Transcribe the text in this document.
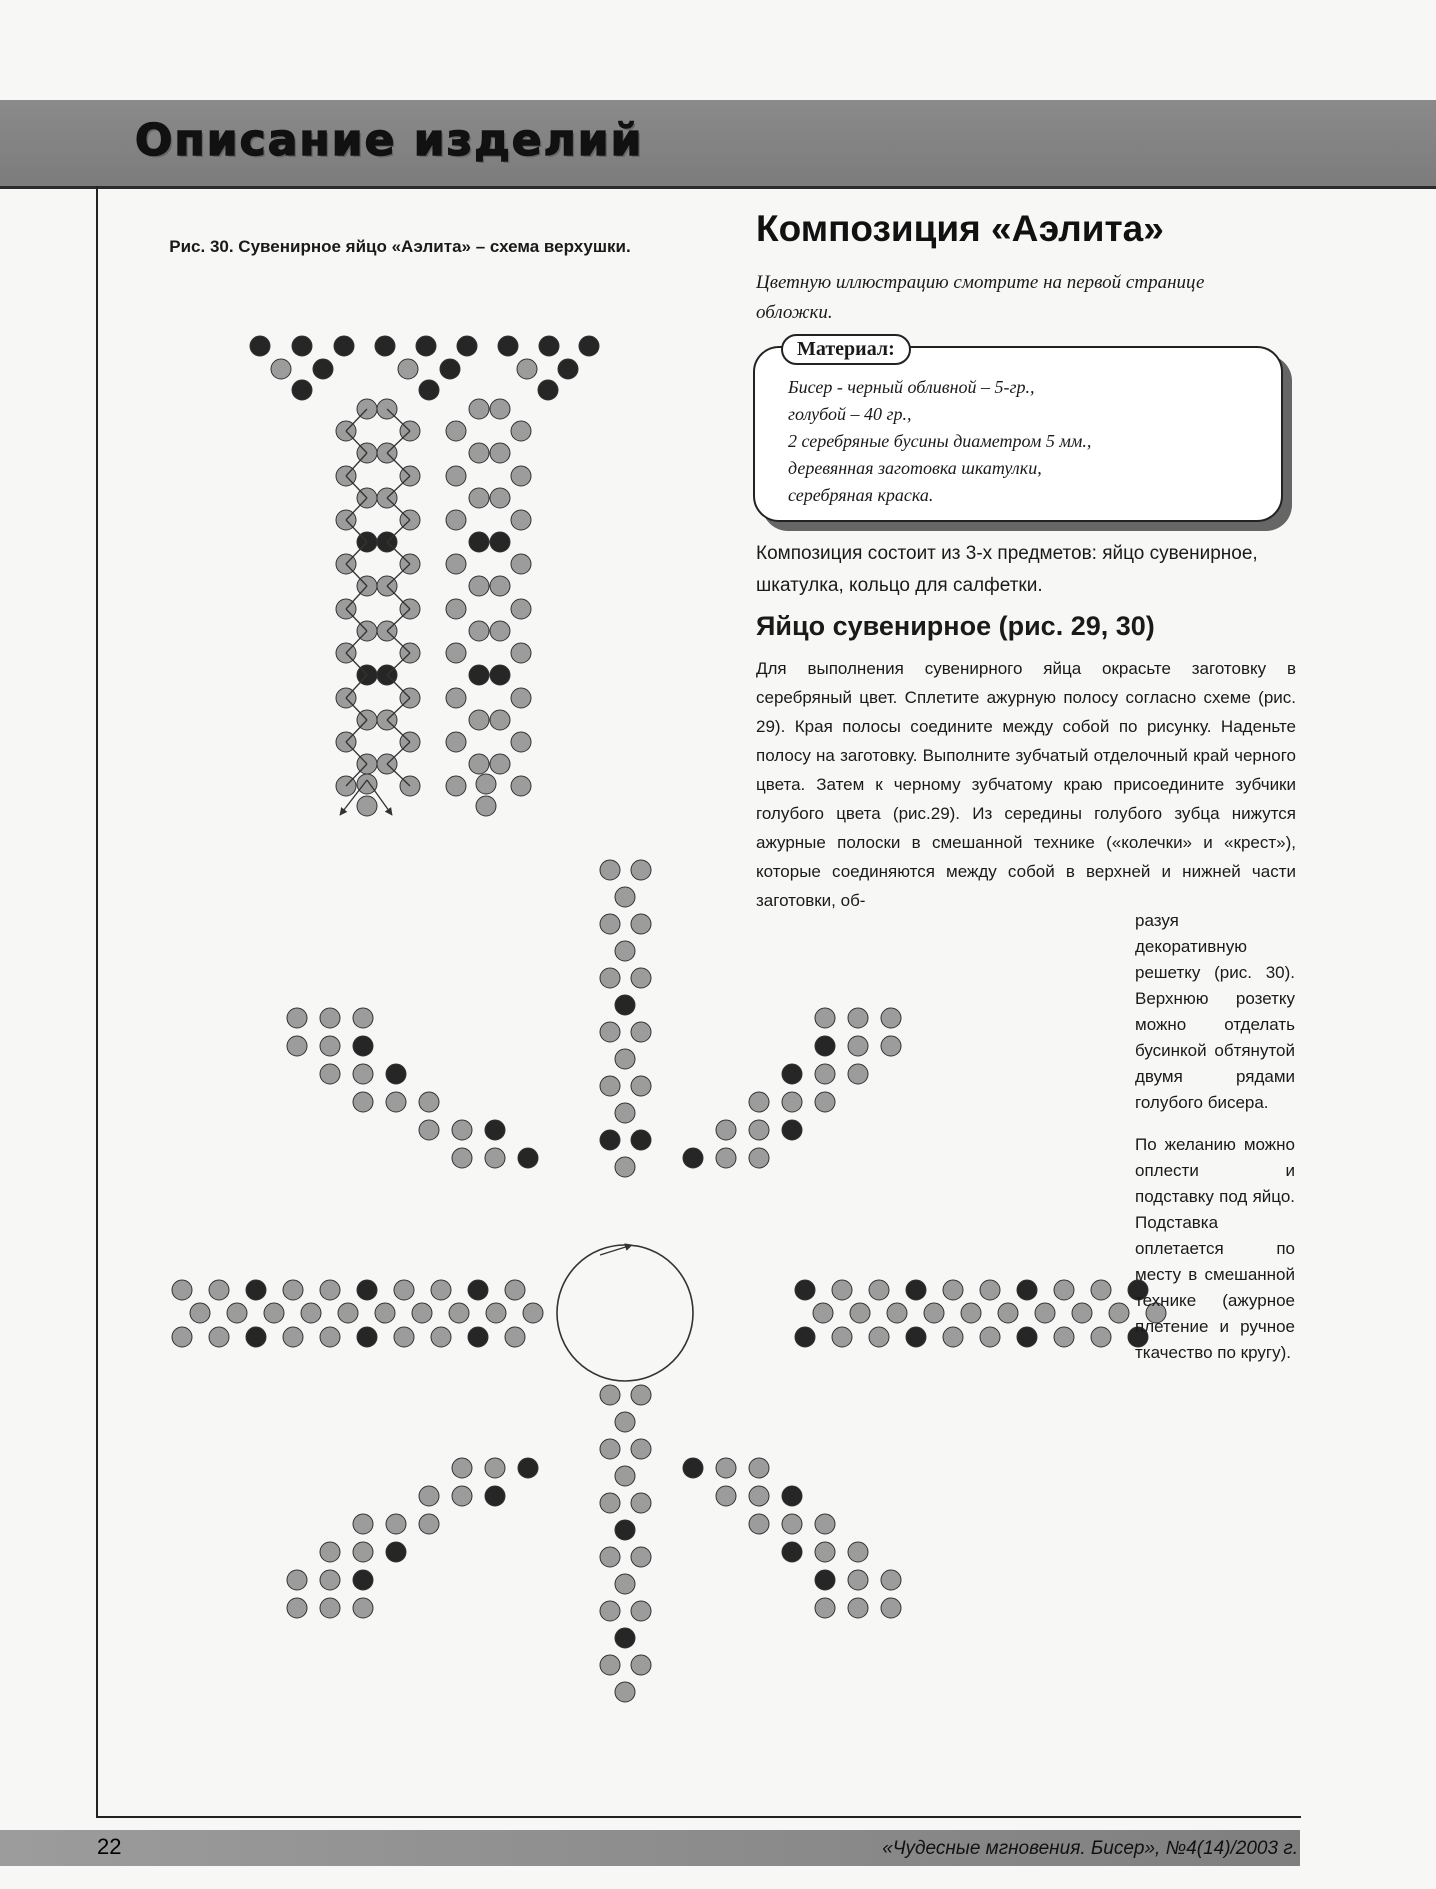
Описание изделий
Рис. 30. Сувенирное яйцо «Аэлита» – схема верхушки.	Композиция «Аэлита»
Цветную иллюстрацию смотрите на первой странице обложки.
Материал:
Бисер - черный обливной – 5-гр.,
голубой – 40 гр.,
2 серебряные бусины диаметром 5 мм.,
деревянная заготовка шкатулки,
серебряная краска.
Композиция состоит из 3-х предметов: яйцо сувенирное, шкатулка, кольцо для салфетки.
Яйцо сувенирное (рис. 29, 30)
Для выполнения сувенирного яйца окрасьте заготовку в серебряный цвет. Сплетите ажурную полосу согласно схеме (рис. 29). Края полосы соедините между собой по рисунку. Наденьте полосу на заготовку. Выполните зубчатый отделочный край черного цвета. Затем к черному зубчатому краю присоедините зубчики голубого цвета (рис.29). Из середины голубого зубца нижутся ажурные полоски в смешанной технике («колечки» и «крест»), которые соединяются между собой в верхней и нижней части заготовки, об-

разуя декоративную решетку (рис. 30). Верхнюю розетку можно отделать бусинкой обтянутой двумя рядами голубого бисера.

По желанию можно оплести и подставку под яйцо. Подставка оплетается по месту в смешанной технике (ажурное плетение и ручное ткачество по кругу).

22	«Чудесные мгновения. Бисер», №4(14)/2003 г.
